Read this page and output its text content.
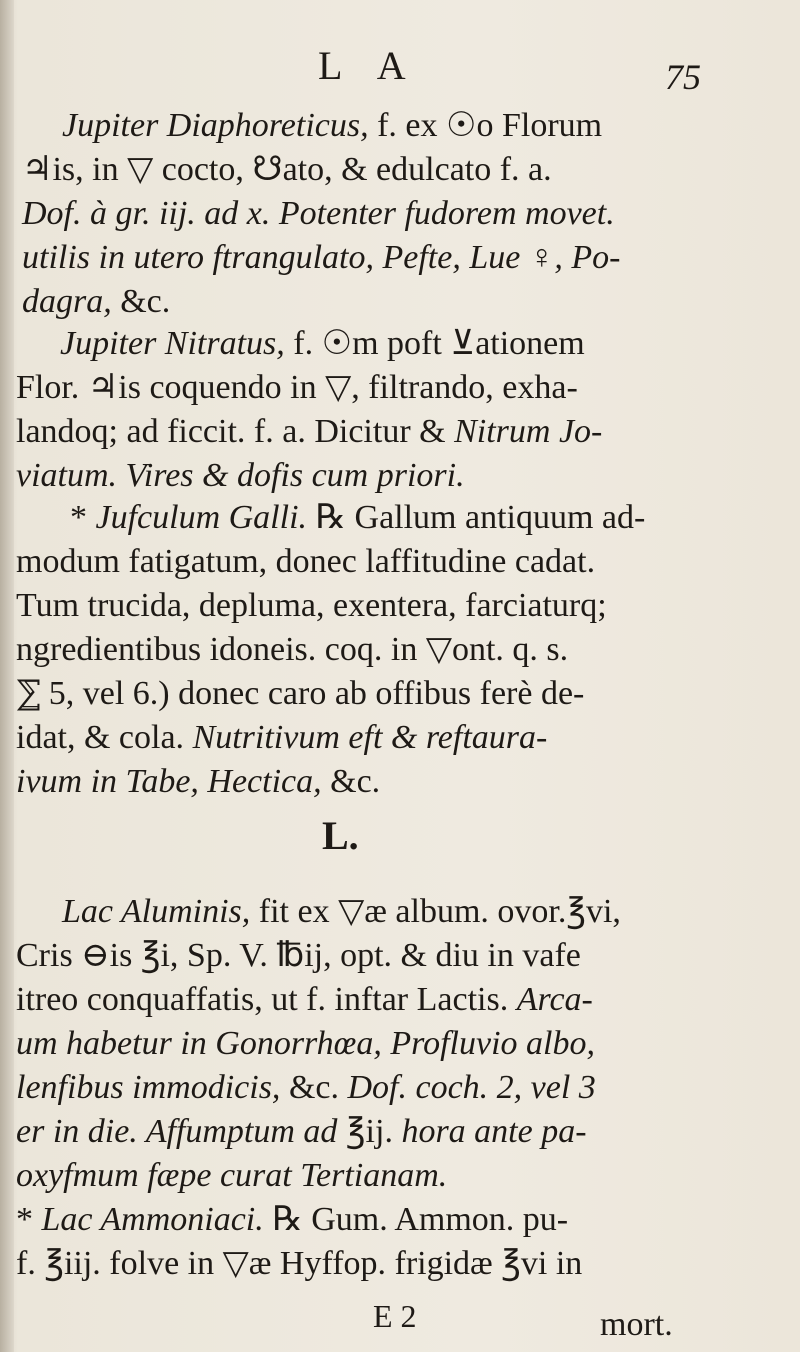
L A	75
Jupiter Diaphoreticus, f. ex ☉o Florum
♃is, in ▽ cocto, ☋ato, & edulcato f. a.
Dof. à gr. iij. ad x. Potenter fudorem movet.
utilis in utero ftrangulato, Pefte, Lue ♀, Po-
dagra, &c.
Jupiter Nitratus, f. ☉m poft ⊻ationem
Flor. ♃is coquendo in ▽, filtrando, exha-
landoq; ad ficcit. f. a. Dicitur & Nitrum Jo-
viatum. Vires & dofis cum priori.
* Jufculum Galli. ℞ Gallum antiquum ad-
modum fatigatum, donec laffitudine cadat.
Tum trucida, depluma, exentera, farciaturq;
ngredientibus idoneis. coq. in ▽ont. q. s.
⅀ 5, vel 6.) donec caro ab offibus ferè de-
idat, & cola. Nutritivum eft & reftaura-
ivum in Tabe, Hectica, &c.
Lac Aluminis, fit ex ▽æ album. ovor.℥vi,
Cris ⊖is ℥i, Sp. V. ℔ij, opt. & diu in vafe
itreo conquaffatis, ut f. inftar Lactis. Arca-
um habetur in Gonorrhœa, Profluvio albo,
lenfibus immodicis, &c. Dof. coch. 2, vel 3
er in die. Affumptum ad ℥ij. hora ante pa-
oxyfmum fæpe curat Tertianam.
* Lac Ammoniaci. ℞ Gum. Ammon. pu-
f. ℥iij. folve in ▽æ Hyffop. frigidæ ℥vi in
L.
E 2	mort.
